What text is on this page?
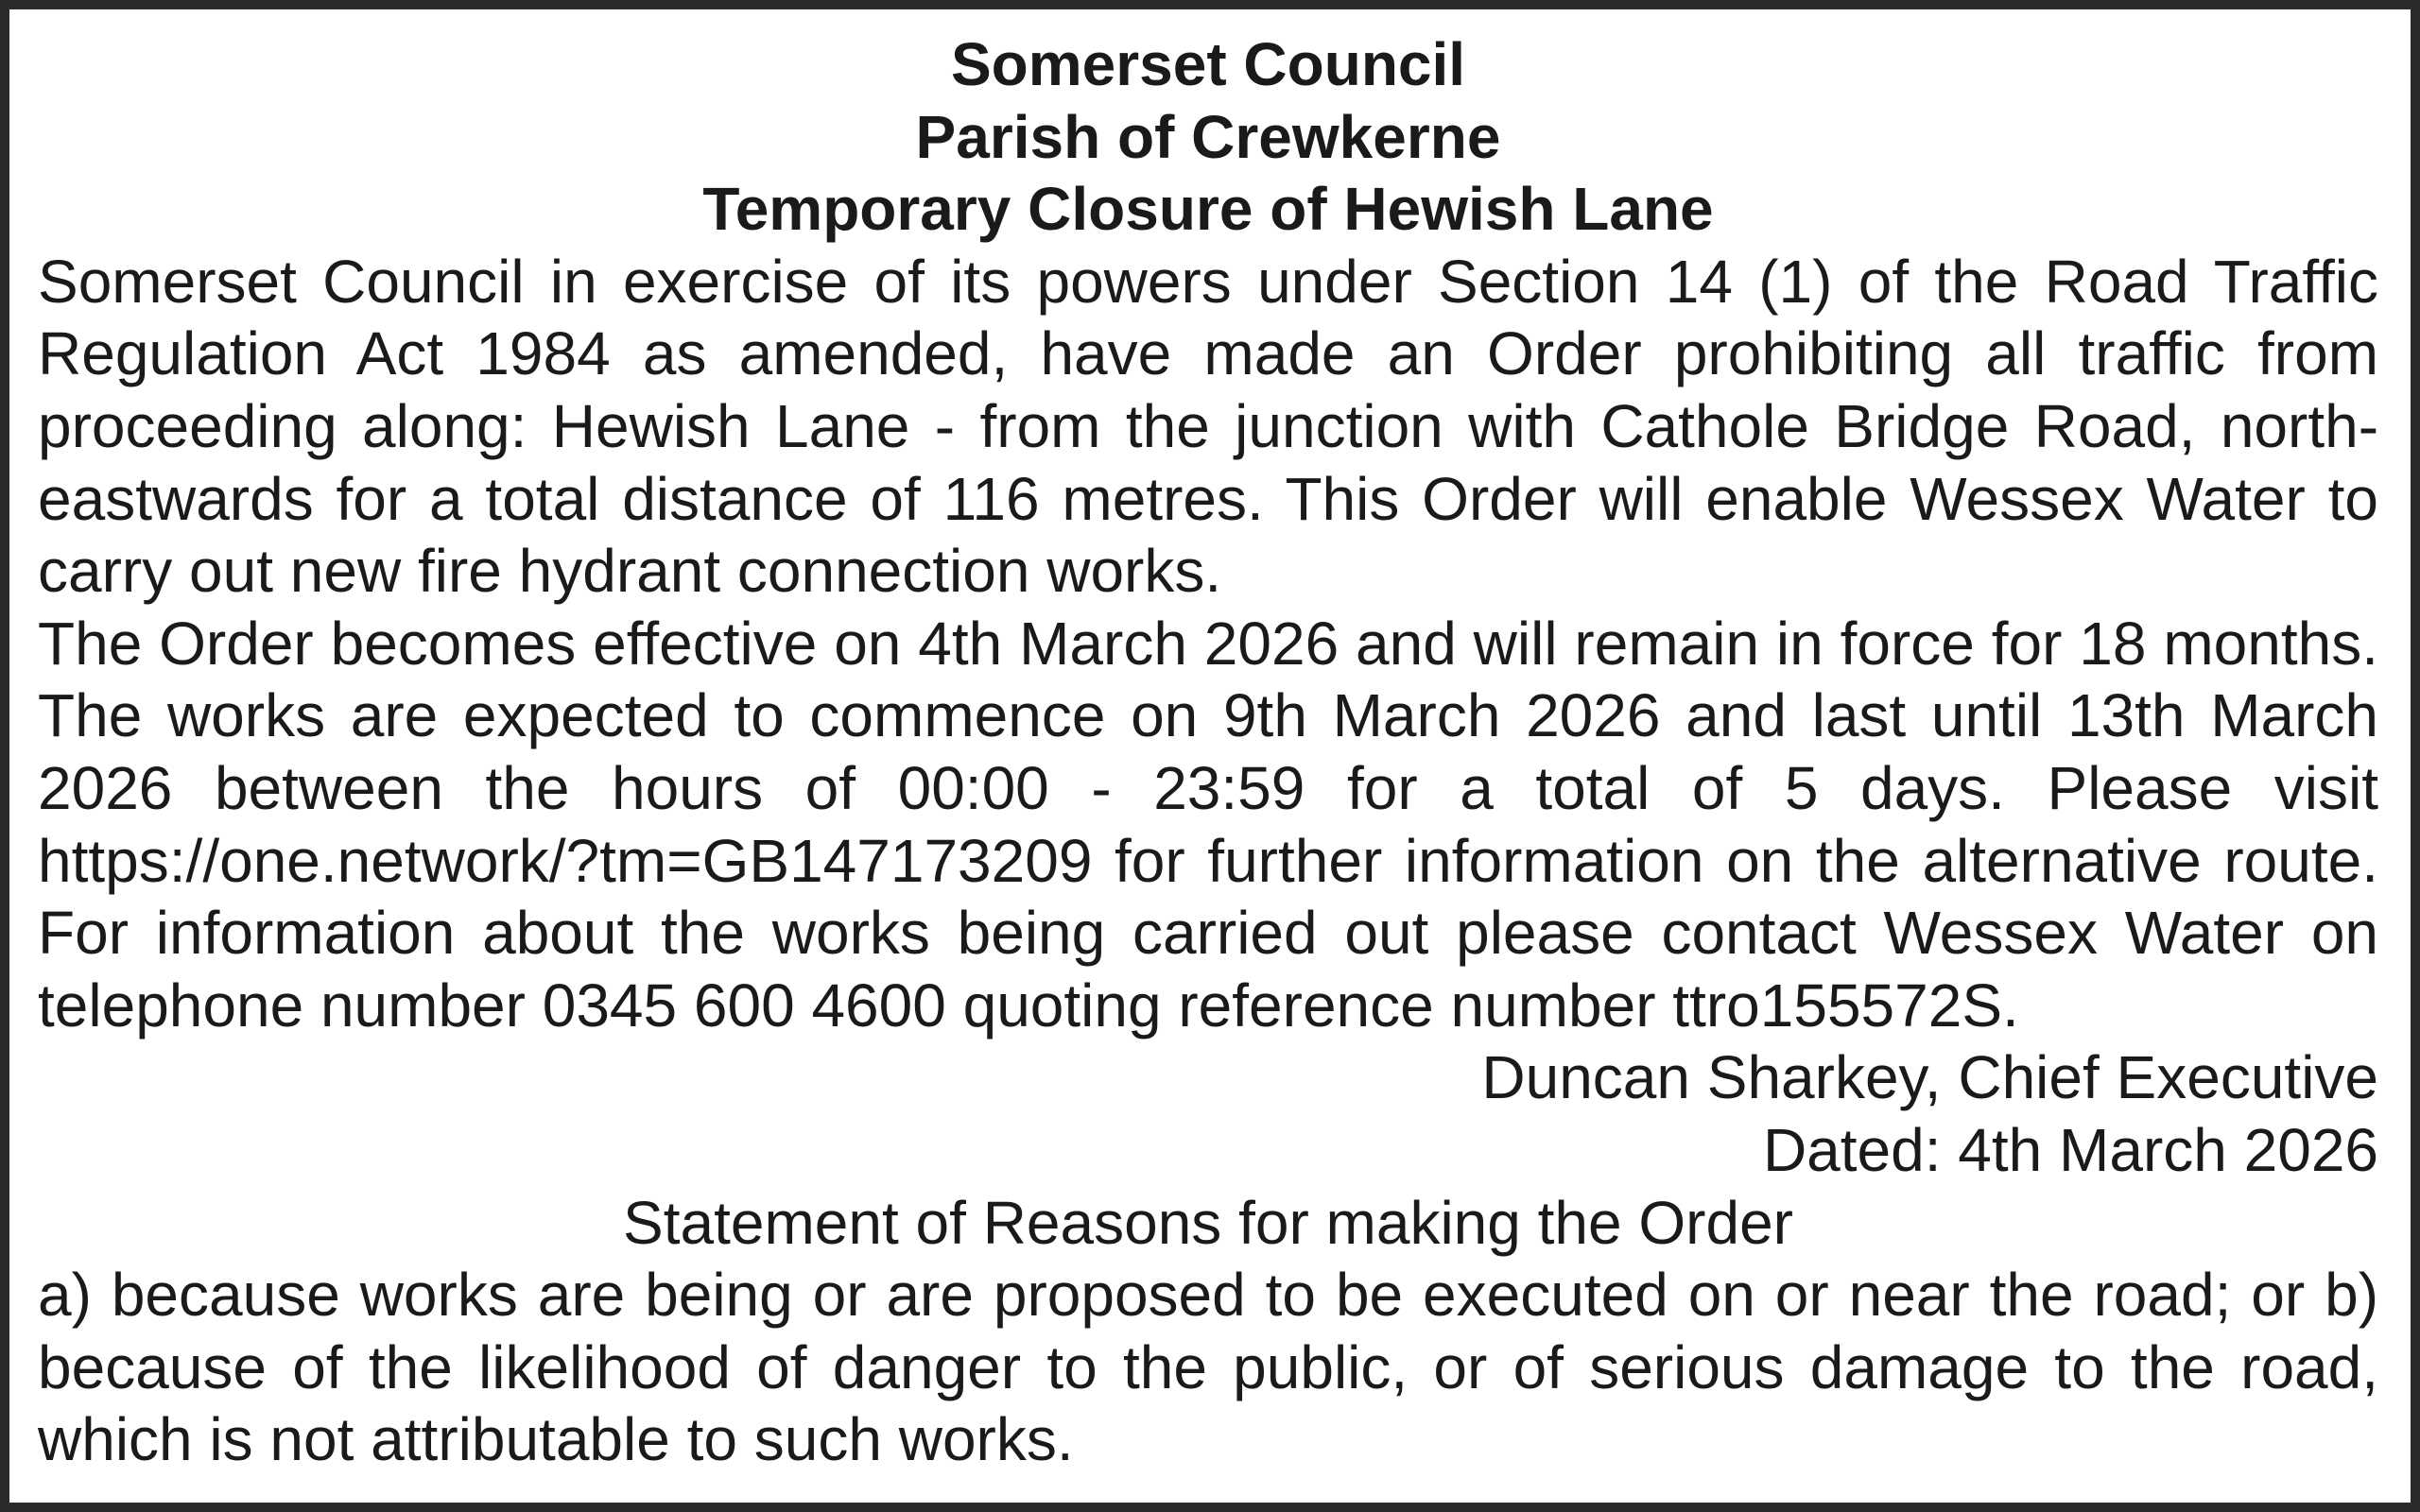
Somerset Council
Parish of Crewkerne
Temporary Closure of Hewish Lane
Somerset Council in exercise of its powers under Section 14 (1) of the Road Traffic Regulation Act 1984 as amended, have made an Order prohibiting all traffic from proceeding along: Hewish Lane - from the junction with Cathole Bridge Road, north-eastwards for a total distance of 116 metres. This Order will enable Wessex Water to carry out new fire hydrant connection works.
The Order becomes effective on 4th March 2026 and will remain in force for 18 months. The works are expected to commence on 9th March 2026 and last until 13th March 2026 between the hours of 00:00 - 23:59 for a total of 5 days. Please visit https://one.network/?tm=GB147173209 for further information on the alternative route. For information about the works being carried out please contact Wessex Water on telephone number 0345 600 4600 quoting reference number ttro155572S.
Duncan Sharkey, Chief Executive
Dated: 4th March 2026
Statement of Reasons for making the Order
a) because works are being or are proposed to be executed on or near the road; or b) because of the likelihood of danger to the public, or of serious damage to the road, which is not attributable to such works.
